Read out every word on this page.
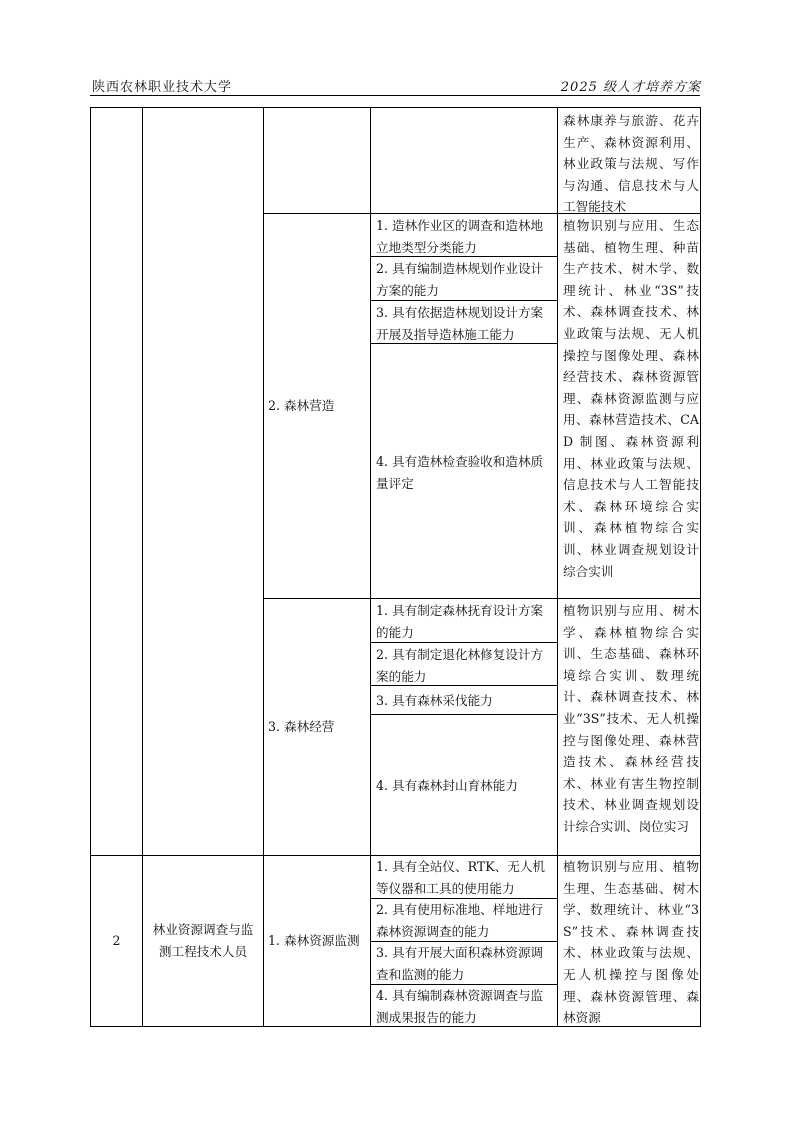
陕西农林职业技术大学	2025 级人才培养方案
森林康养与旅游、花卉生产、森林资源利用、林业政策与法规、写作与沟通、信息技术与人工智能技术
2. 森林营造
1. 造林作业区的调查和造林地立地类型分类能力
2. 具有编制造林规划作业设计方案的能力
3. 具有依据造林规划设计方案开展及指导造林施工能力
4. 具有造林检查验收和造林质量评定
植物识别与应用、生态基础、植物生理、种苗生产技术、树木学、数理统计、林业“3S”技术、森林调查技术、林业政策与法规、无人机操控与图像处理、森林经营技术、森林资源管理、森林资源监测与应用、森林营造技术、CAD 制图、森林资源利用、林业政策与法规、信息技术与人工智能技术、森林环境综合实训、森林植物综合实训、林业调查规划设计综合实训
3. 森林经营
1. 具有制定森林抚育设计方案的能力
2. 具有制定退化林修复设计方案的能力
3. 具有森林采伐能力
4. 具有森林封山育林能力
植物识别与应用、树木学、森林植物综合实训、生态基础、森林环境综合实训、数理统计、森林调查技术、林业“3S”技术、无人机操控与图像处理、森林营造技术、森林经营技术、林业有害生物控制技术、林业调查规划设计综合实训、岗位实习
2
林业资源调查与监测工程技术人员
1. 森林资源监测
1. 具有全站仪、RTK、无人机等仪器和工具的使用能力
2. 具有使用标准地、样地进行森林资源调查的能力
3. 具有开展大面积森林资源调查和监测的能力
4. 具有编制森林资源调查与监测成果报告的能力
植物识别与应用、植物生理、生态基础、树木学、数理统计、林业“3S”技术、森林调查技术、林业政策与法规、无人机操控与图像处理、森林资源管理、森林资源
